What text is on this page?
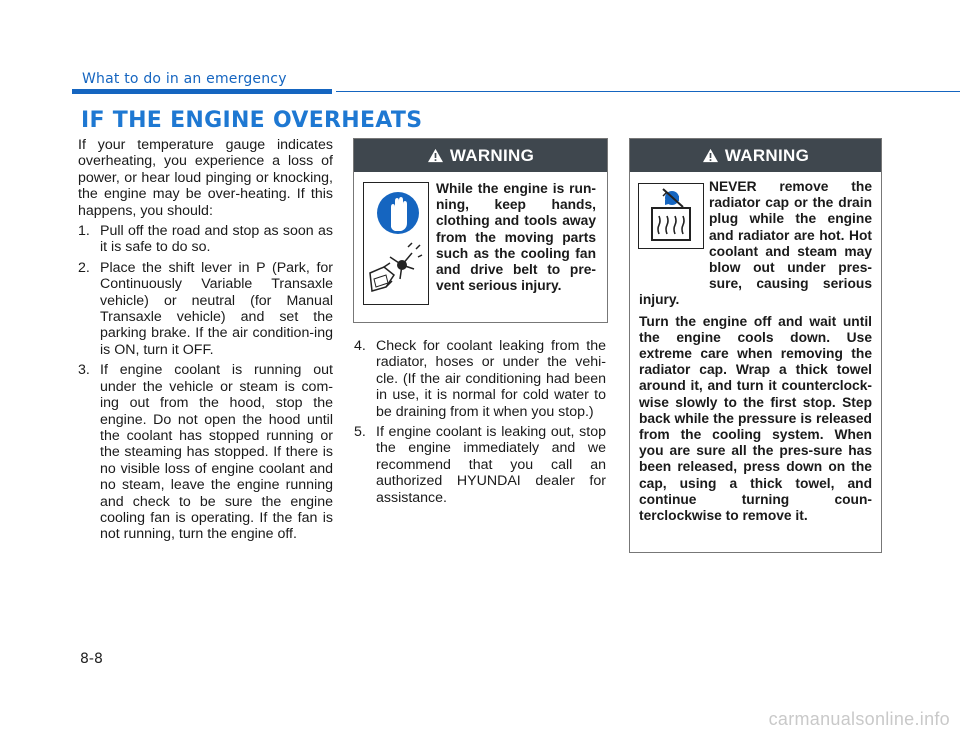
What to do in an emergency
IF THE ENGINE OVERHEATS

If your temperature gauge indicates overheating, you experience a loss of power, or hear loud pinging or knocking, the engine may be over-heating. If this happens, you should:

1. Pull off the road and stop as soon as it is safe to do so.
2. Place the shift lever in P (Park, for Continuously Variable Transaxle vehicle) or neutral (for Manual Transaxle vehicle) and set the parking brake. If the air condition-ing is ON, turn it OFF.
3. If engine coolant is running out under the vehicle or steam is com-ing out from the hood, stop the engine. Do not open the hood until the coolant has stopped running or the steaming has stopped. If there is no visible loss of engine coolant and no steam, leave the engine running and check to be sure the engine cooling fan is operating. If the fan is not running, turn the engine off.
WARNING

While the engine is run-ning, keep hands, clothing and tools away from the moving parts such as the cooling fan and drive belt to pre-vent serious injury.

4. Check for coolant leaking from the radiator, hoses or under the vehi-cle. (If the air conditioning had been in use, it is normal for cold water to be draining from it when you stop.)
5. If engine coolant is leaking out, stop the engine immediately and we recommend that you call an authorized HYUNDAI dealer for assistance.
WARNING

NEVER remove the radiator cap or the drain plug while the engine and radiator are hot. Hot coolant and steam may blow out under pres-sure, causing serious injury.

Turn the engine off and wait until the engine cools down. Use extreme care when removing the radiator cap. Wrap a thick towel around it, and turn it counterclock-wise slowly to the first stop. Step back while the pressure is released from the cooling system. When you are sure all the pres-sure has been released, press down on the cap, using a thick towel, and continue turning coun-terclockwise to remove it.

8-8
carmanualsonline.info
